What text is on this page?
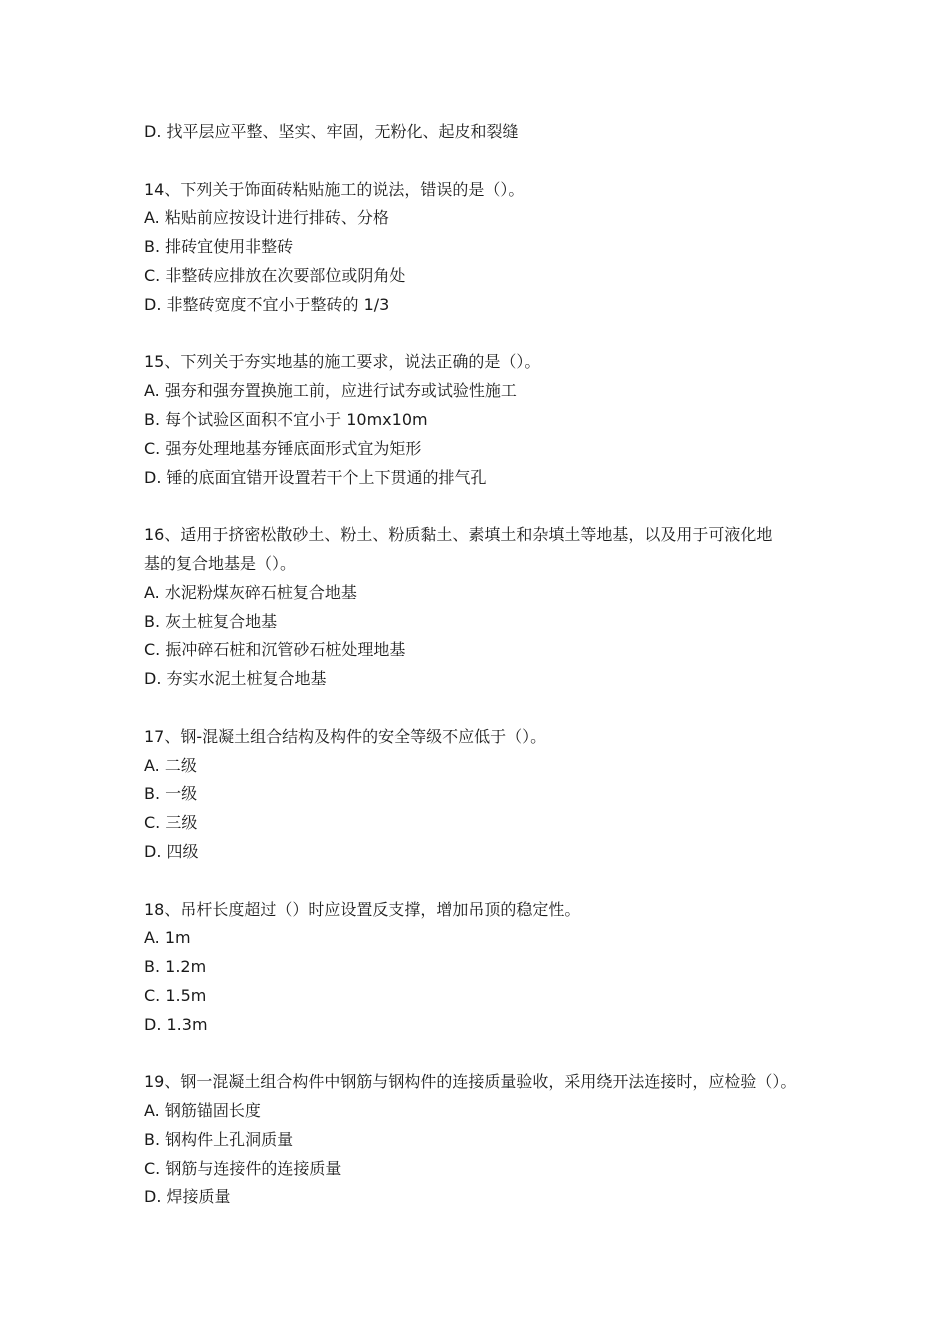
D. 找平层应平整、坚实、牢固，无粉化、起皮和裂缝

14、下列关于饰面砖粘贴施工的说法，错误的是（）。

A. 粘贴前应按设计进行排砖、分格

B. 排砖宜使用非整砖

C. 非整砖应排放在次要部位或阴角处

D. 非整砖宽度不宜小于整砖的 1/3

15、下列关于夯实地基的施工要求，说法正确的是（）。

A. 强夯和强夯置换施工前，应进行试夯或试验性施工

B. 每个试验区面积不宜小于 10mx10m

C. 强夯处理地基夯锤底面形式宜为矩形

D. 锤的底面宜错开设置若干个上下贯通的排气孔

16、适用于挤密松散砂土、粉土、粉质黏土、素填土和杂填土等地基，以及用于可液化地

基的复合地基是（）。

A. 水泥粉煤灰碎石桩复合地基

B. 灰土桩复合地基

C. 振冲碎石桩和沉管砂石桩处理地基

D. 夯实水泥土桩复合地基

17、钢-混凝土组合结构及构件的安全等级不应低于（）。

A. 二级

B. 一级

C. 三级

D. 四级

18、吊杆长度超过（）时应设置反支撑，增加吊顶的稳定性。

A. 1m

B. 1.2m

C. 1.5m

D. 1.3m

19、钢一混凝土组合构件中钢筋与钢构件的连接质量验收，采用绕开法连接时，应检验（）。

A. 钢筋锚固长度

B. 钢构件上孔洞质量

C. 钢筋与连接件的连接质量

D. 焊接质量
